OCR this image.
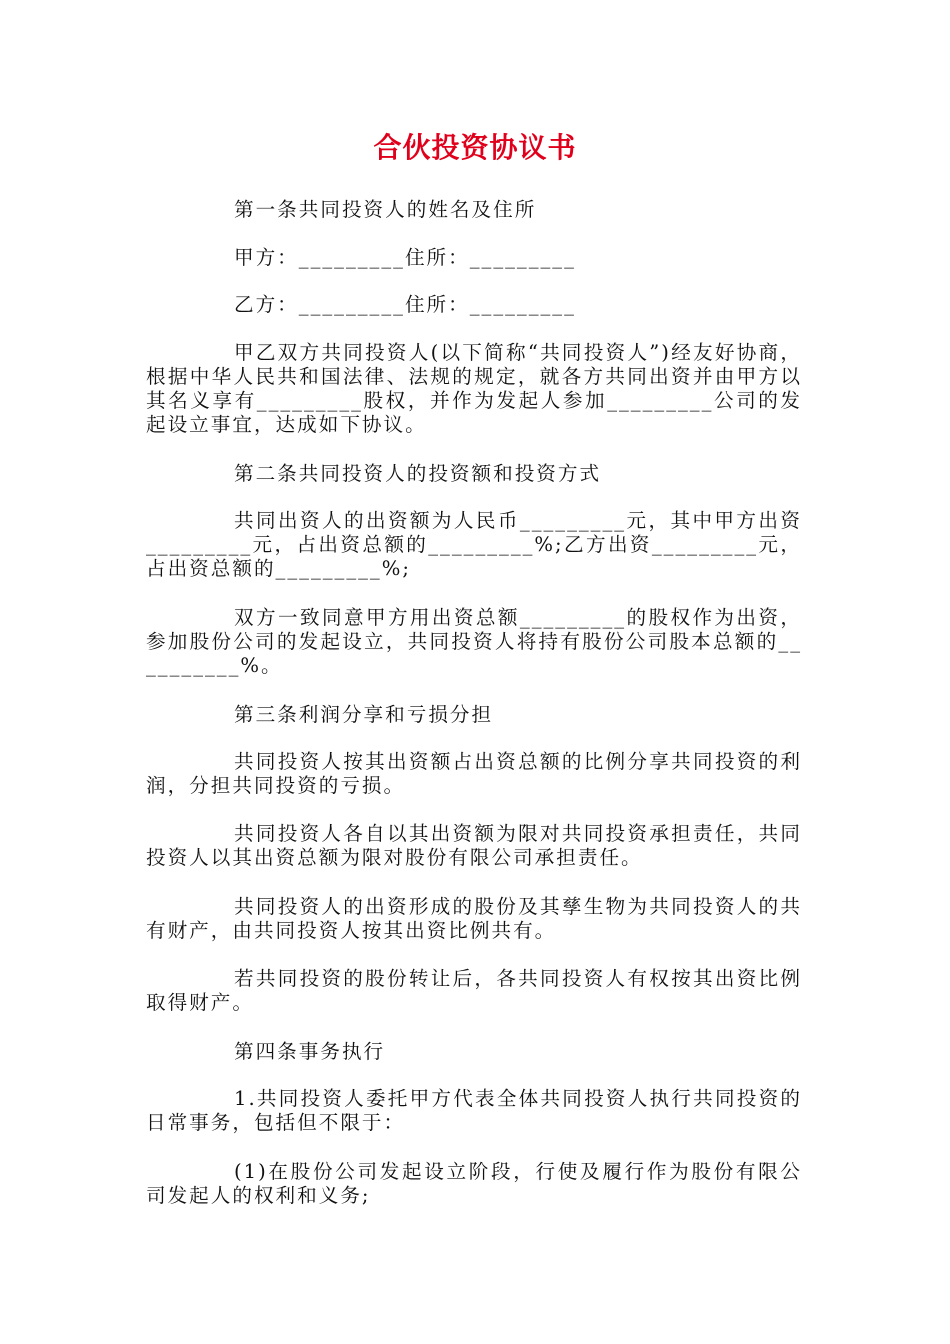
合伙投资协议书

第一条共同投资人的姓名及住所

甲方：_________住所：_________

乙方：_________住所：_________

甲乙双方共同投资人(以下简称“共同投资人”)经友好协商，根据中华人民共和国法律、法规的规定，就各方共同出资并由甲方以其名义享有_________股权，并作为发起人参加_________公司的发起设立事宜，达成如下协议。

第二条共同投资人的投资额和投资方式

共同出资人的出资额为人民币_________元，其中甲方出资_________元，占出资总额的_________%;乙方出资_________元，占出资总额的_________%;

双方一致同意甲方用出资总额_________的股权作为出资，参加股份公司的发起设立，共同投资人将持有股份公司股本总额的__________%。

第三条利润分享和亏损分担

共同投资人按其出资额占出资总额的比例分享共同投资的利润，分担共同投资的亏损。

共同投资人各自以其出资额为限对共同投资承担责任，共同投资人以其出资总额为限对股份有限公司承担责任。

共同投资人的出资形成的股份及其孳生物为共同投资人的共有财产，由共同投资人按其出资比例共有。

若共同投资的股份转让后，各共同投资人有权按其出资比例取得财产。

第四条事务执行

1.共同投资人委托甲方代表全体共同投资人执行共同投资的日常事务，包括但不限于：

(1)在股份公司发起设立阶段，行使及履行作为股份有限公司发起人的权利和义务;
